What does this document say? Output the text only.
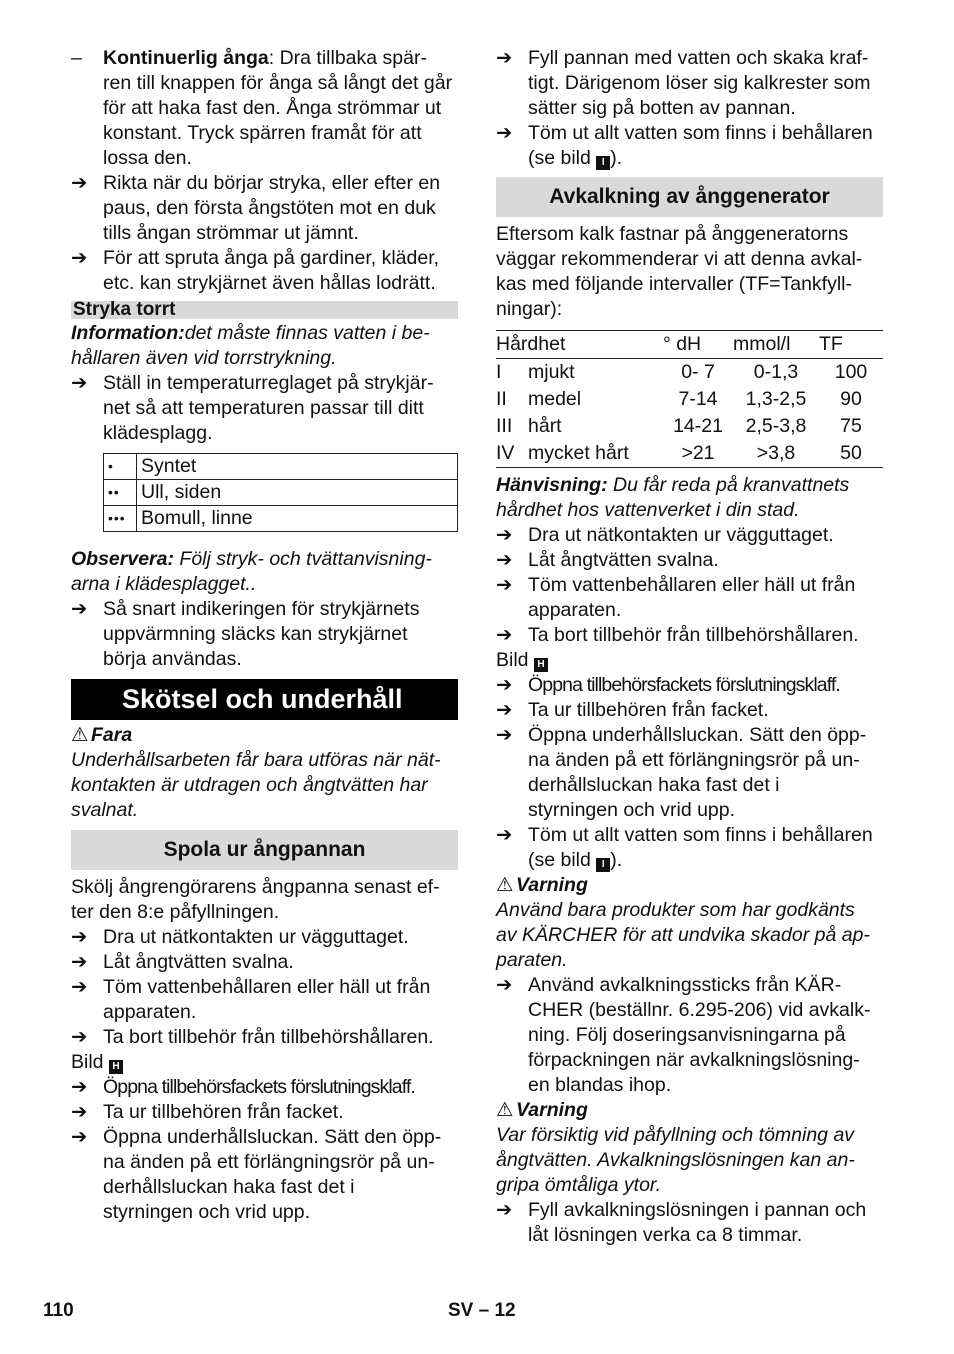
–	Kontinuerlig ånga: Dra tillbaka spär-
ren till knappen för ånga så långt det går
för att haka fast den. Ånga strömmar ut
konstant. Tryck spärren framåt för att
lossa den.

➔ Rikta när du börjar stryka, eller efter en
paus, den första ångstöten mot en duk
tills ångan strömmar ut jämnt.

➔ För att spruta ånga på gardiner, kläder,
etc. kan strykjärnet även hållas lodrätt.

Stryka torrt

Information:det måste finnas vatten i be-
hållaren även vid torrstrykning.

➔ Ställ in temperaturreglaget på strykjär-
net så att temperaturen passar till ditt
klädesplagg.

•	Syntet
••	Ull, siden
•••	Bomull, linne

Observera: Följ stryk- och tvättanvisning-
arna i klädesplagget..

➔ Så snart indikeringen för strykjärnets
uppvärmning släcks kan strykjärnet
börja användas.

Skötsel och underhåll

⚠ Fara

Underhållsarbeten får bara utföras när nät-
kontakten är utdragen och ångtvätten har
svalnat.

Spola ur ångpannan

Skölj ångrengörarens ångpanna senast ef-
ter den 8:e påfyllningen.

➔ Dra ut nätkontakten ur vägguttaget.

➔ Låt ångtvätten svalna.

➔ Töm vattenbehållaren eller häll ut från
apparaten.

➔ Ta bort tillbehör från tillbehörshållaren.

Bild H

➔ Öppna tillbehörsfackets förslutningsklaff.

➔ Ta ur tillbehören från facket.

➔ Öppna underhållsluckan. Sätt den öpp-
na änden på ett förlängningsrör på un-
derhållsluckan haka fast det i
styrningen och vrid upp.

➔ Fyll pannan med vatten och skaka kraf-
tigt. Därigenom löser sig kalkrester som
sätter sig på botten av pannan.

➔ Töm ut allt vatten som finns i behållaren
(se bild I ).

Avkalkning av ånggenerator

Eftersom kalk fastnar på ånggeneratorns
väggar rekommenderar vi att denna avkal-
kas med följande intervaller (TF=Tankfyll-
ningar):

Hårdhet		° dH	mmol/l	TF
I	mjukt	0- 7	0-1,3	100
II	medel	7-14	1,3-2,5	90
III	hårt	14-21	2,5-3,8	75
IV	mycket hårt	>21	>3,8	50

Hänvisning: Du får reda på kranvattnets
hårdhet hos vattenverket i din stad.

➔ Dra ut nätkontakten ur vägguttaget.

➔ Låt ångtvätten svalna.

➔ Töm vattenbehållaren eller häll ut från
apparaten.

➔ Ta bort tillbehör från tillbehörshållaren.

Bild H

➔ Öppna tillbehörsfackets förslutningsklaff.

➔ Ta ur tillbehören från facket.

➔ Öppna underhållsluckan. Sätt den öpp-
na änden på ett förlängningsrör på un-
derhållsluckan haka fast det i
styrningen och vrid upp.

➔ Töm ut allt vatten som finns i behållaren
(se bild I ).

⚠ Varning

Använd bara produkter som har godkänts
av KÄRCHER för att undvika skador på ap-
paraten.

➔ Använd avkalkningssticks från KÄR-
CHER (beställnr. 6.295-206) vid avkalk-
ning. Följ doseringsanvisningarna på
förpackningen när avkalkningslösning-
en blandas ihop.

⚠ Varning

Var försiktig vid påfyllning och tömning av
ångtvätten. Avkalkningslösningen kan an-
gripa ömtåliga ytor.

➔ Fyll avkalkningslösningen i pannan och
låt lösningen verka ca 8 timmar.

110	SV – 12
